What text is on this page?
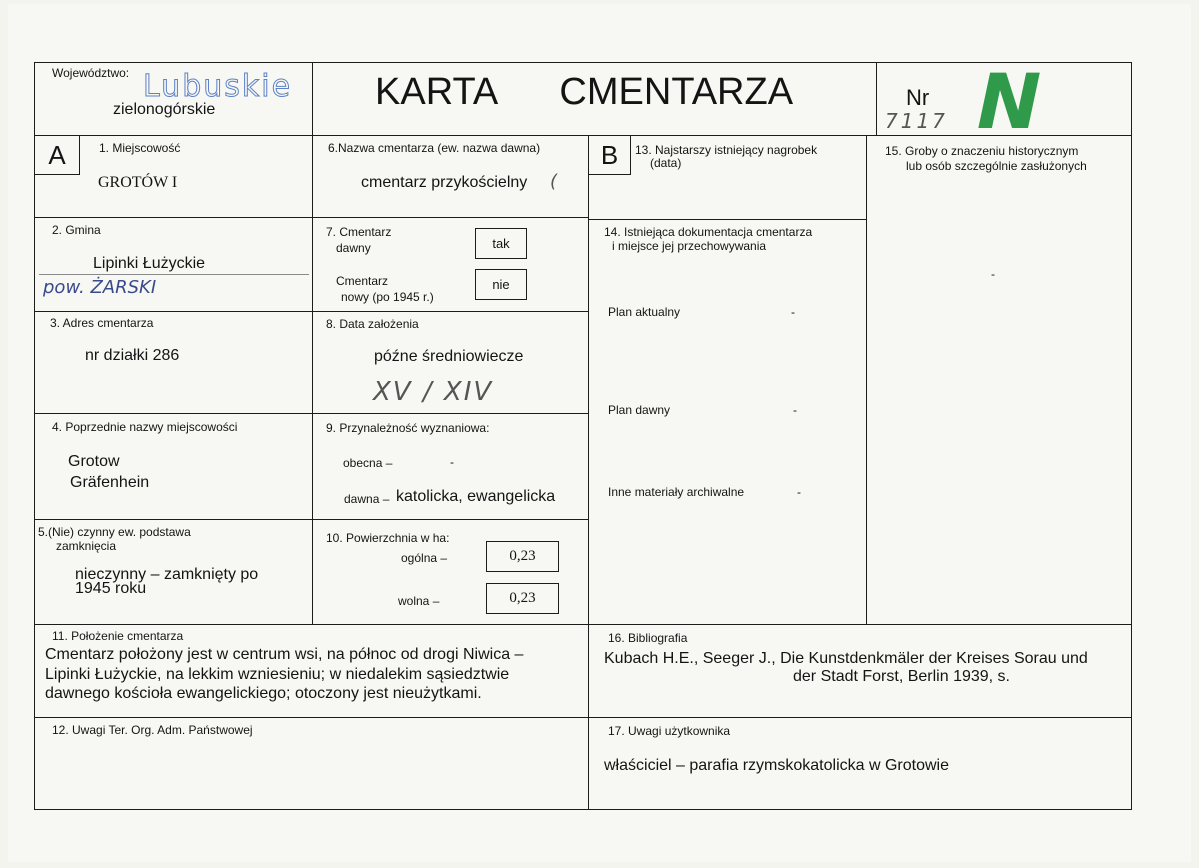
Województwo: Lubuskie
zielonogórskie	KARTA      CMENTARZA	Nr
7117 N
A	1. Miejscowość
GROTÓW I
6.Nazwa cmentarza (ew. nazwa dawna)
cmentarz przykościelny (
2. Gmina
Lipinki Łużyckie
pow. ŻARSKI
7. Cmentarz
dawny	tak
Cmentarz
nowy (po 1945 r.)
nie
3. Adres cmentarza
nr działki 286
8. Data założenia
późne średniowiecze
XV / XIV
4. Poprzednie nazwy miejscowości
Grotow
Gräfenhein
9. Przynależność wyznaniowa:
obecna –	-
dawna – katolicka, ewangelicka
5.(Nie) czynny ew. podstawa
zamknięcia
nieczynny – zamknięty po
1945 roku
10. Powierzchnia w ha:
ogólna –	0,23
wolna –	0,23
B	13. Najstarszy istniejący nagrobek
(data)
15. Groby o znaczeniu historycznym
lub osób szczególnie zasłużonych
-
14. Istniejąca dokumentacja cmentarza
i miejsce jej przechowywania
Plan aktualny	-
Plan dawny	-
Inne materiały archiwalne	-
11. Położenie cmentarza
Cmentarz położony jest w centrum wsi, na północ od drogi Niwica –
Lipinki Łużyckie, na lekkim wzniesieniu; w niedalekim sąsiedztwie
dawnego kościoła ewangelickiego; otoczony jest nieużytkami.
16. Bibliografia
Kubach H.E., Seeger J., Die Kunstdenkmäler der Kreises Sorau und
der Stadt Forst, Berlin 1939, s.
12. Uwagi Ter. Org. Adm. Państwowej	17. Uwagi użytkownika
właściciel – parafia rzymskokatolicka w Grotowie
